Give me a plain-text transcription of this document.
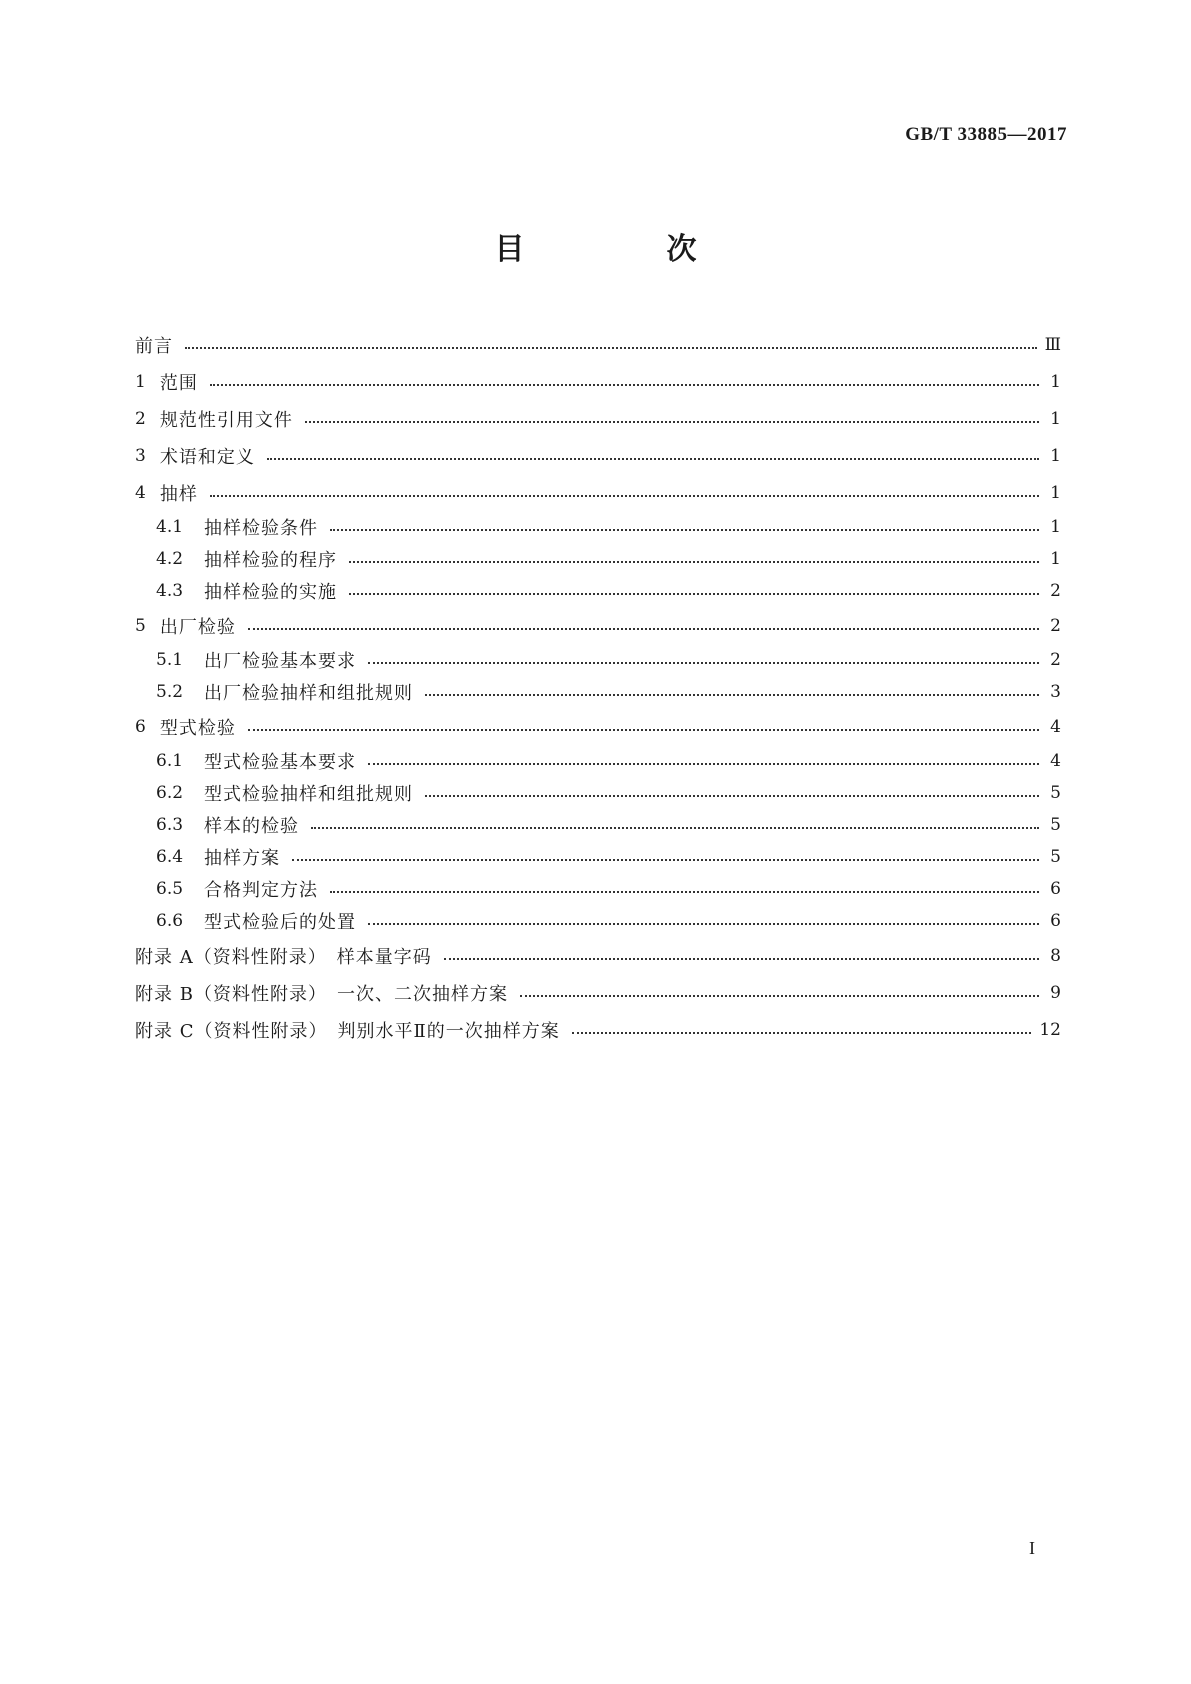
GB/T 33885—2017
目　次
前言	Ⅲ
1 范围	1
2 规范性引用文件	1
3 术语和定义	1
4 抽样	1
4.1	抽样检验条件	1
4.2	抽样检验的程序	1
4.3	抽样检验的实施	2
5 出厂检验	2
5.1	出厂检验基本要求	2
5.2	出厂检验抽样和组批规则	3
6 型式检验	4
6.1	型式检验基本要求	4
6.2	型式检验抽样和组批规则	5
6.3	样本的检验	5
6.4	抽样方案	5
6.5	合格判定方法	6
6.6	型式检验后的处置	6
附录 A（资料性附录）　样本量字码	8
附录 B（资料性附录）　一次、二次抽样方案	9
附录 C（资料性附录）　判别水平Ⅱ的一次抽样方案	12
I
